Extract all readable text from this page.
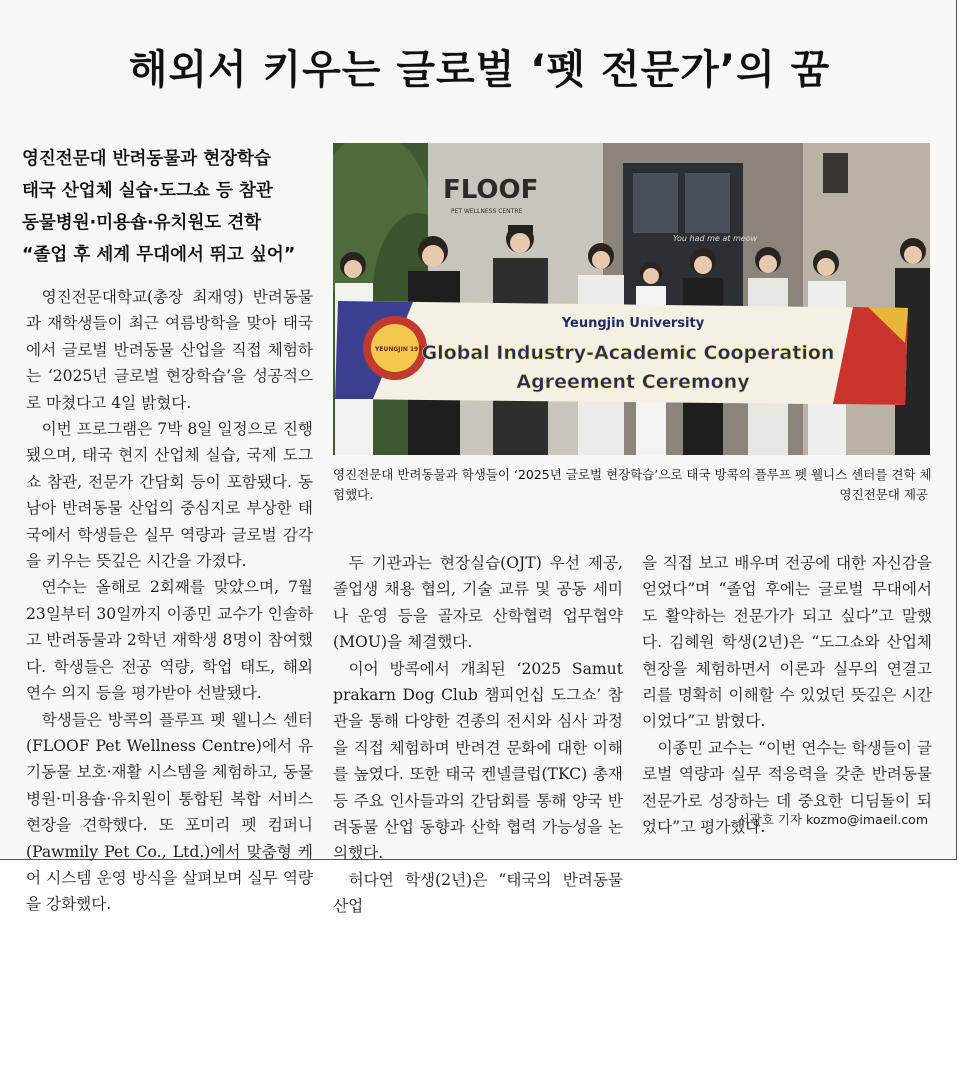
해외서 키우는 글로벌 ‘펫 전문가’의 꿈
영진전문대 반려동물과 현장학습
태국 산업체 실습·도그쇼 등 참관
동물병원·미용숍·유치원도 견학
“졸업 후 세계 무대에서 뛰고 싶어”

영진전문대학교(총장 최재영) 반려동물과 재학생들이 최근 여름방학을 맞아 태국에서 글로벌 반려동물 산업을 직접 체험하는 ‘2025년 글로벌 현장학습’을 성공적으로 마쳤다고 4일 밝혔다.

이번 프로그램은 7박 8일 일정으로 진행됐으며, 태국 현지 산업체 실습, 국제 도그쇼 참관, 전문가 간담회 등이 포함됐다. 동남아 반려동물 산업의 중심지로 부상한 태국에서 학생들은 실무 역량과 글로벌 감각을 키우는 뜻깊은 시간을 가졌다.

연수는 올해로 2회째를 맞았으며, 7월 23일부터 30일까지 이종민 교수가 인솔하고 반려동물과 2학년 재학생 8명이 참여했다. 학생들은 전공 역량, 학업 태도, 해외 연수 의지 등을 평가받아 선발됐다.

학생들은 방콕의 플루프 펫 웰니스 센터(FLOOF Pet Wellness Centre)에서 유기동물 보호·재활 시스템을 체험하고, 동물병원·미용숍·유치원이 통합된 복합 서비스 현장을 견학했다. 또 포미리 펫 컴퍼니(Pawmily Pet Co., Ltd.)에서 맞춤형 케어 시스템 운영 방식을 살펴보며 실무 역량을 강화했다.

FLOOF
PET WELLNESS CENTRE
You had me at meow
YEUNGJIN 1977
Yeungjin University
Global Industry-Academic Cooperation
Agreement Ceremony
영진전문대 반려동물과 학생들이 ‘2025년 글로벌 현장학습’으로 태국 방콕의 플루프 펫 웰니스 센터를 견학 체험했다.	영진전문대 제공

두 기관과는 현장실습(OJT) 우선 제공, 졸업생 채용 협의, 기술 교류 및 공동 세미나 운영 등을 골자로 산학협력 업무협약(MOU)을 체결했다.

이어 방콕에서 개최된 ‘2025 Samut prakarn Dog Club 챔피언십 도그쇼’ 참관을 통해 다양한 견종의 전시와 심사 과정을 직접 체험하며 반려견 문화에 대한 이해를 높였다. 또한 태국 켄넬클럽(TKC) 총재 등 주요 인사들과의 간담회를 통해 양국 반려동물 산업 동향과 산학 협력 가능성을 논의했다.

허다연 학생(2년)은 “태국의 반려동물 산업

을 직접 보고 배우며 전공에 대한 자신감을 얻었다”며 “졸업 후에는 글로벌 무대에서도 활약하는 전문가가 되고 싶다”고 말했다. 김혜원 학생(2년)은 “도그쇼와 산업체 현장을 체험하면서 이론과 실무의 연결고리를 명확히 이해할 수 있었던 뜻깊은 시간이었다”고 밝혔다.

이종민 교수는 “이번 연수는 학생들이 글로벌 역량과 실무 적응력을 갖춘 반려동물 전문가로 성장하는 데 중요한 디딤돌이 되었다”고 평가했다.

서광호 기자 kozmo@imaeil.com
